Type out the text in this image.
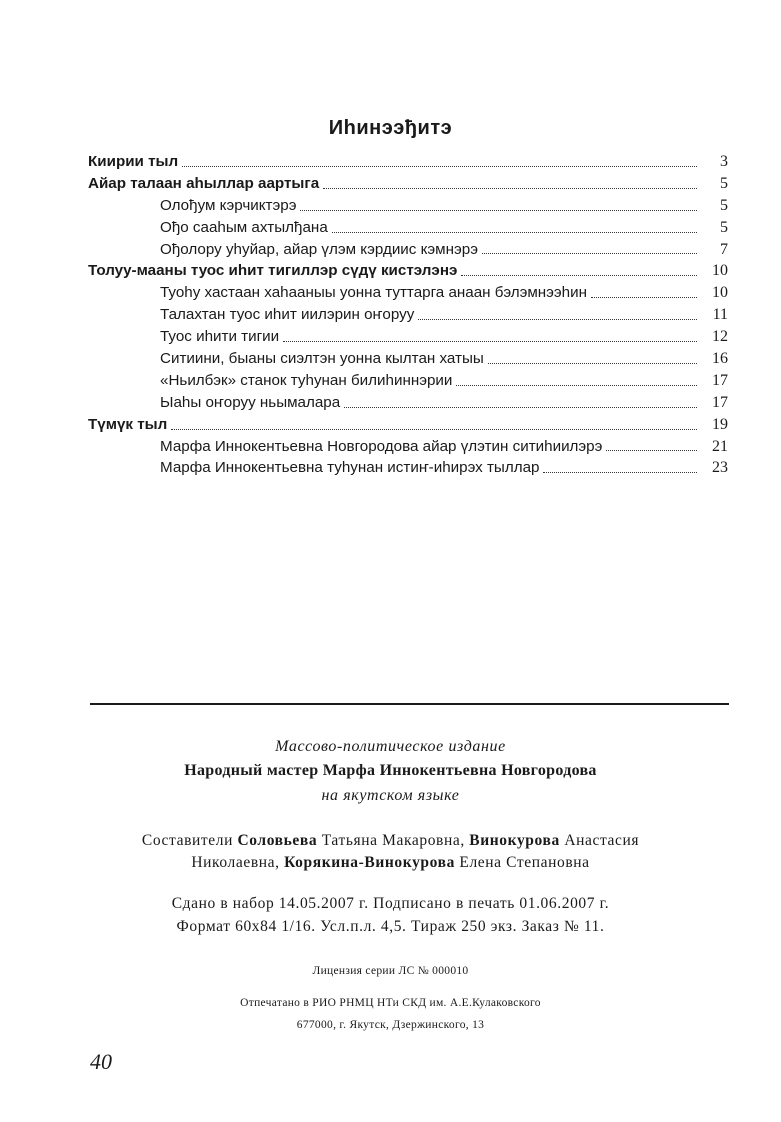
Иhинээђитэ
Киирии тыл	3
Айар талаан аhыллар аартыга	5
Олођум кэрчиктэрэ	5
Ођо сааhым ахтылђана	5
Ођолору уhуйар, айар үлэм кэрдиис кэмнэрэ	7
Толуу-мааны туос иhит тигиллэр сүдү кистэлэнэ	10
Туоhу хастаан хаhааныы уонна туттарга анаан бэлэмнээhин	10
Талахтан туос иhит иилэрин оҥоруу	11
Туос иhити тигии	12
Ситиини, быаны сиэлтэн уонна кылтан хатыы	16
«Ньилбэк» станок туhунан билиhиннэрии	17
Ыаhы оҥоруу ньымалара	17
Түмүк тыл	19
Марфа Иннокентьевна Новгородова айар үлэтин ситиhиилэрэ	21
Марфа Иннокентьевна туhунан истиҥ-иhирэх тыллар	23
Массово-политическое издание
Народный мастер Марфа Иннокентьевна Новгородова
на якутском языке
Составители Соловьева Татьяна Макаровна, Винокурова Анастасия
Николаевна, Корякина-Винокурова Елена Степановна
Сдано в набор 14.05.2007 г. Подписано в печать 01.06.2007 г.
Формат 60x84 1/16. Усл.п.л. 4,5. Тираж 250 экз. Заказ № 11.
Лицензия серии ЛС № 000010
Отпечатано в РИО РНМЦ НТи СКД им. А.Е.Кулаковского
677000, г. Якутск, Дзержинского, 13
40
